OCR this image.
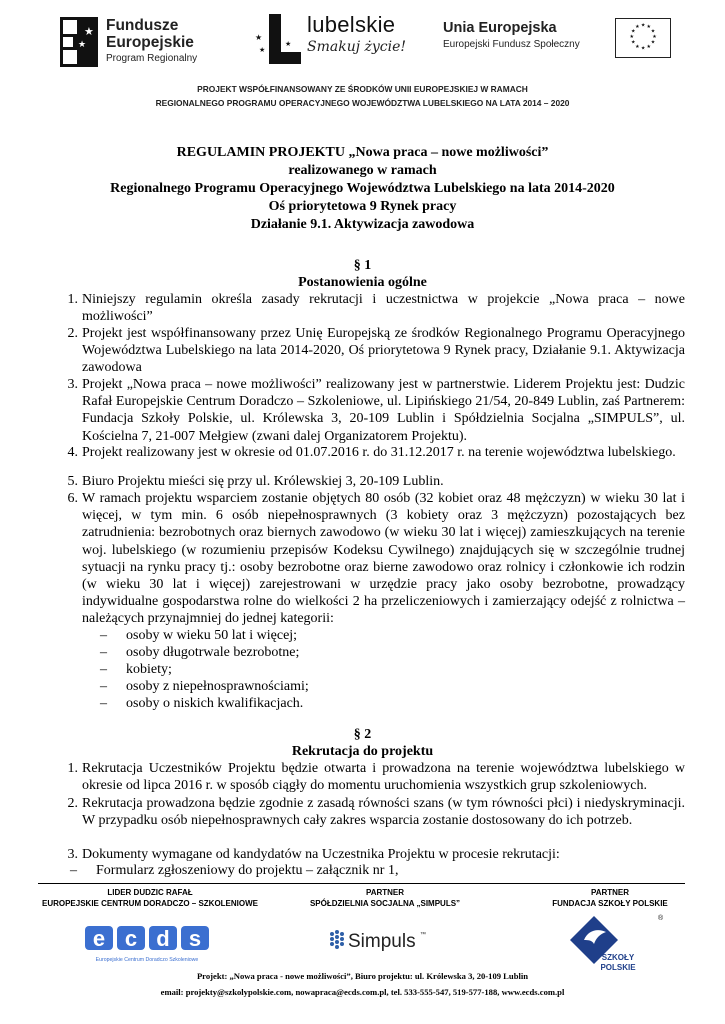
★
★
Fundusze
Europejskie
Program Regionalny
★
★
★
★
lubelskie
Smakuj życie!
Unia Europejska
Europejski Fundusz Społeczny
★ ★
★
★
★
★
★
★
★
★
★
★
PROJEKT WSPÓŁFINANSOWANY ZE ŚRODKÓW UNII EUROPEJSKIEJ W RAMACH
REGIONALNEGO PROGRAMU OPERACYJNEGO WOJEWÓDZTWA LUBELSKIEGO NA LATA 2014 – 2020
REGULAMIN PROJEKTU „Nowa praca – nowe możliwości”
realizowanego w ramach
Regionalnego Programu Operacyjnego Województwa Lubelskiego na lata 2014-2020
Oś priorytetowa 9 Rynek pracy
Działanie 9.1. Aktywizacja zawodowa
§ 1
Postanowienia ogólne
1. Niniejszy regulamin określa zasady rekrutacji i uczestnictwa w projekcie „Nowa praca – nowe możliwości”
2. Projekt jest współfinansowany przez Unię Europejską ze środków Regionalnego Programu Operacyjnego Województwa Lubelskiego na lata 2014-2020, Oś priorytetowa 9 Rynek pracy, Działanie 9.1. Aktywizacja zawodowa
3. Projekt „Nowa praca – nowe możliwości” realizowany jest w partnerstwie. Liderem Projektu jest: Dudzic Rafał Europejskie Centrum Doradczo – Szkoleniowe, ul. Lipińskiego 21/54, 20-849 Lublin, zaś Partnerem: Fundacja Szkoły Polskie, ul. Królewska 3, 20-109 Lublin i Spółdzielnia Socjalna „SIMPULS”, ul. Kościelna 7, 21-007 Mełgiew (zwani dalej Organizatorem Projektu).
4. Projekt realizowany jest w okresie od 01.07.2016 r. do 31.12.2017 r. na terenie województwa lubelskiego.
5. Biuro Projektu mieści się przy ul. Królewskiej 3, 20-109 Lublin.
6. W ramach projektu wsparciem zostanie objętych 80 osób (32 kobiet oraz 48 mężczyzn) w wieku 30 lat i więcej, w tym min. 6 osób niepełnosprawnych (3 kobiety oraz 3 mężczyzn) pozostających bez zatrudnienia: bezrobotnych oraz biernych zawodowo (w wieku 30 lat i więcej) zamieszkujących na terenie woj. lubelskiego (w rozumieniu przepisów Kodeksu Cywilnego) znajdujących się w szczególnie trudnej sytuacji na rynku pracy tj.: osoby bezrobotne oraz bierne zawodowo oraz rolnicy i członkowie ich rodzin (w wieku 30 lat i więcej) zarejestrowani w urzędzie pracy jako osoby bezrobotne, prowadzący indywidualne gospodarstwa rolne do wielkości 2 ha przeliczeniowych i zamierzający odejść z rolnictwa – należących przynajmniej do jednej kategorii:
– osoby w wieku 50 lat i więcej;
– osoby długotrwale bezrobotne;
– kobiety;
– osoby z niepełnosprawnościami;
– osoby o niskich kwalifikacjach.
§ 2
Rekrutacja do projektu
1. Rekrutacja Uczestników Projektu będzie otwarta i prowadzona na terenie województwa lubelskiego w okresie od lipca 2016 r. w sposób ciągły do momentu uruchomienia wszystkich grup szkoleniowych.
2. Rekrutacja prowadzona będzie zgodnie z zasadą równości szans (w tym równości płci) i niedyskryminacji. W przypadku osób niepełnosprawnych cały zakres wsparcia zostanie dostosowany do ich potrzeb.
3. Dokumenty wymagane od kandydatów na Uczestnika Projektu w procesie rekrutacji:
– Formularz zgłoszeniowy do projektu – załącznik nr 1,
LIDER DUDZIC RAFAŁ
EUROPEJSKIE CENTRUM DORADCZO – SZKOLENIOWE
PARTNER
SPÓŁDZIELNIA SOCJALNA „SIMPULS”
PARTNER
FUNDACJA SZKOŁY POLSKIE
e c d s
Europejskie Centrum Doradczo Szkoleniowe
Simpuls ™
®
SZKOŁY
POLSKIE
Projekt: „Nowa praca - nowe możliwości”, Biuro projektu: ul. Królewska 3, 20-109 Lublin
email: projekty@szkolypolskie.com, nowapraca@ecds.com.pl, tel. 533-555-547, 519-577-188, www.ecds.com.pl
